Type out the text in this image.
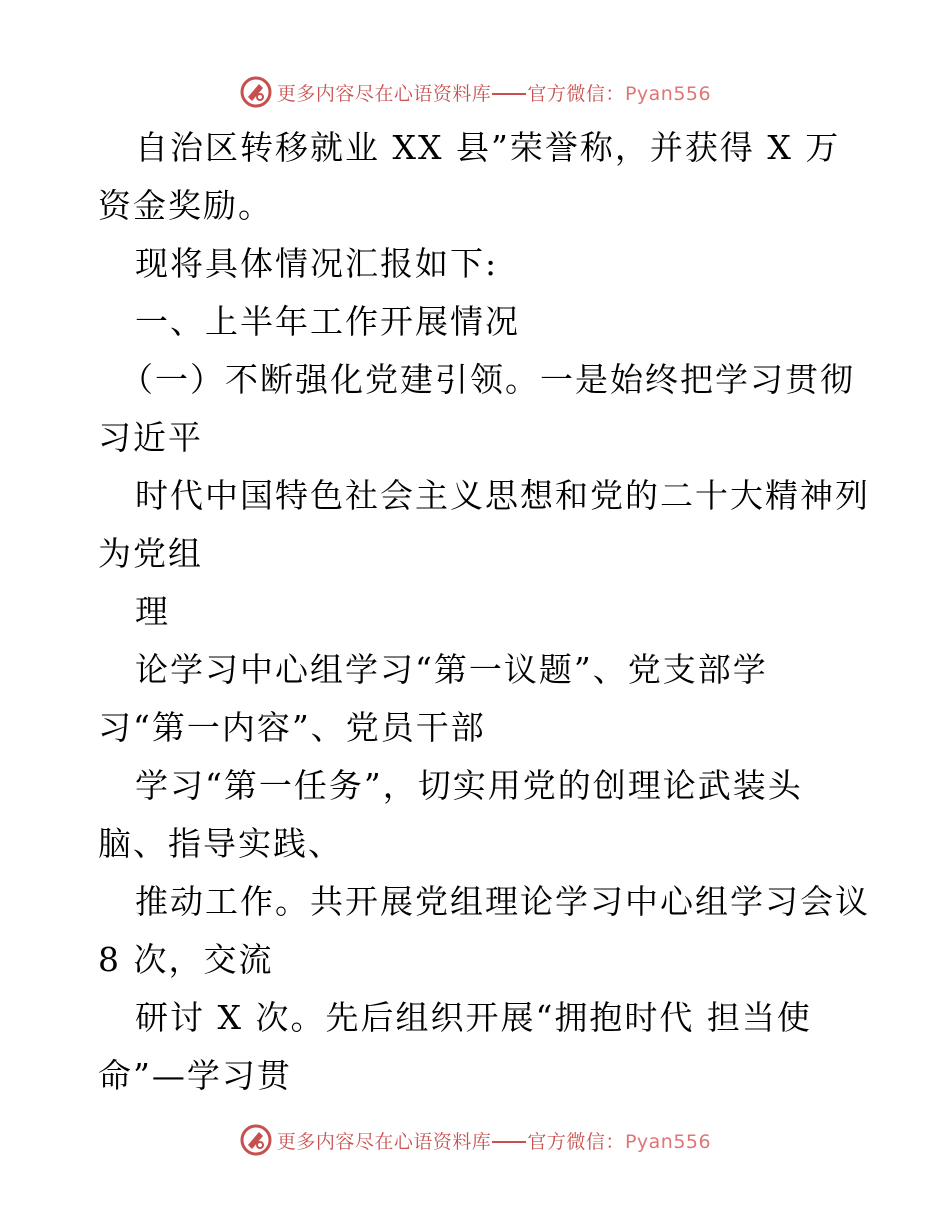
更多内容尽在心语资料库 官方微信：Pyan556
自治区转移就业 XX 县”荣誉称，并获得 X 万
资金奖励。
现将具体情况汇报如下:
一、上半年工作开展情况
（一）不断强化党建引领。一是始终把学习贯彻
习近平
时代中国特色社会主义思想和党的二十大精神列
为党组
理
论学习中心组学习“第一议题”、党支部学
习“第一内容”、党员干部
学习“第一任务”，切实用党的创理论武装头
脑、指导实践、
推动工作。共开展党组理论学习中心组学习会议
8 次，交流
研讨 X 次。先后组织开展“拥抱时代 担当使
命”—学习贯
更多内容尽在心语资料库 官方微信：Pyan556
